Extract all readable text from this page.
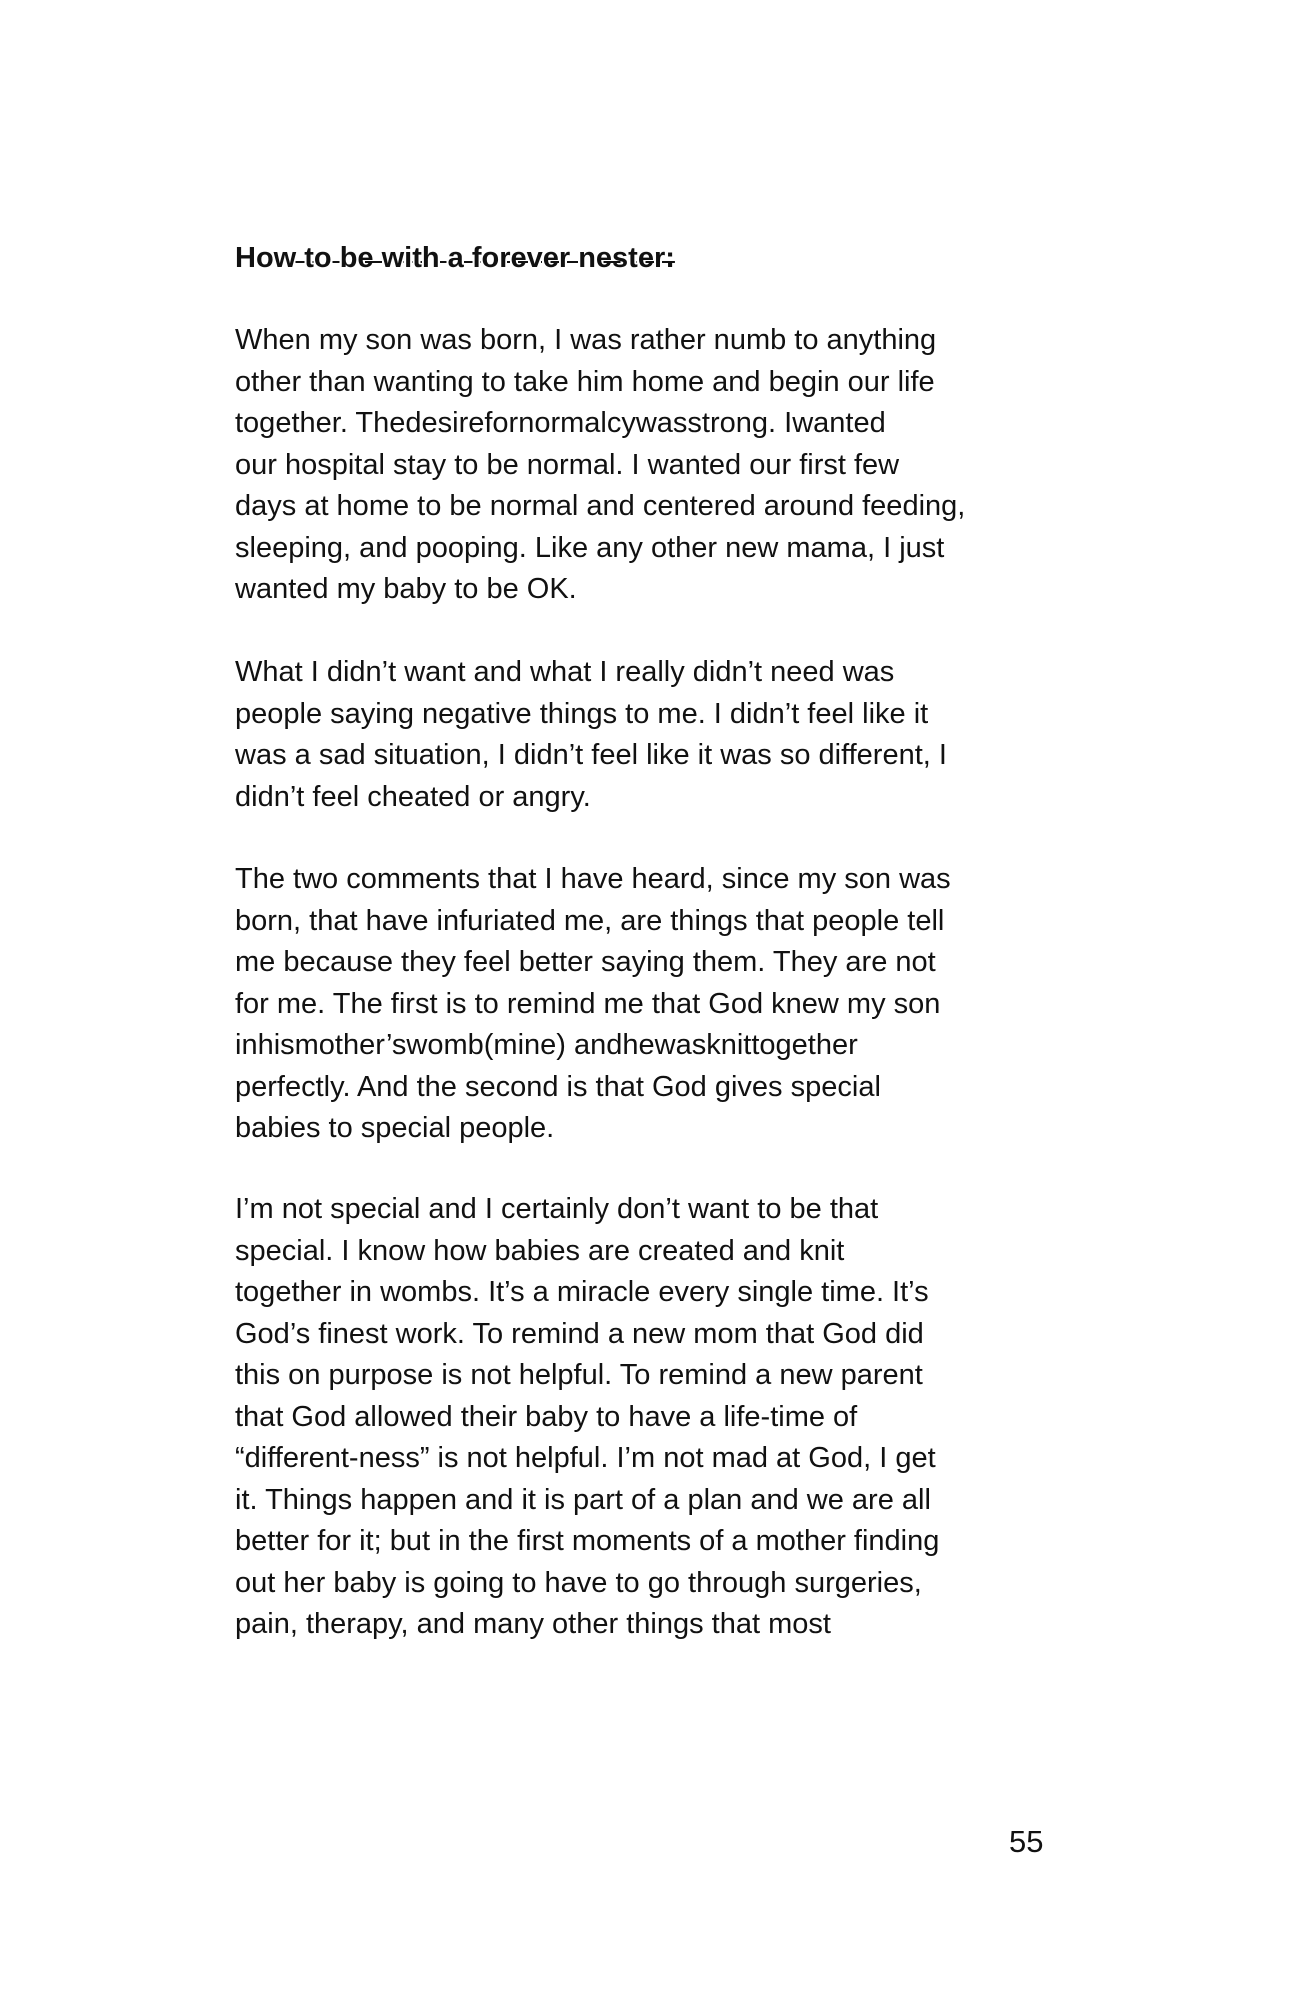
How to be with a forever nester:

When my son was born, I was rather numb to anything
other than wanting to take him home and begin our life
together. Thedesirefornormalcywasstrong. Iwanted
our hospital stay to be normal. I wanted our first few
days at home to be normal and centered around feeding,
sleeping, and pooping. Like any other new mama, I just
wanted my baby to be OK.

What I didn’t want and what I really didn’t need was
people saying negative things to me. I didn’t feel like it
was a sad situation, I didn’t feel like it was so different, I
didn’t feel cheated or angry.

The two comments that I have heard, since my son was
born, that have infuriated me, are things that people tell
me because they feel better saying them. They are not
for me. The first is to remind me that God knew my son
inhismother’swomb(mine) andhewasknittogether
perfectly. And the second is that God gives special
babies to special people.

I’m not special and I certainly don’t want to be that
special. I know how babies are created and knit
together in wombs. It’s a miracle every single time. It’s
God’s finest work. To remind a new mom that God did
this on purpose is not helpful. To remind a new parent
that God allowed their baby to have a life-time of
“different-ness” is not helpful. I’m not mad at God, I get
it. Things happen and it is part of a plan and we are all
better for it; but in the first moments of a mother finding
out her baby is going to have to go through surgeries,
pain, therapy, and many other things that most

55
